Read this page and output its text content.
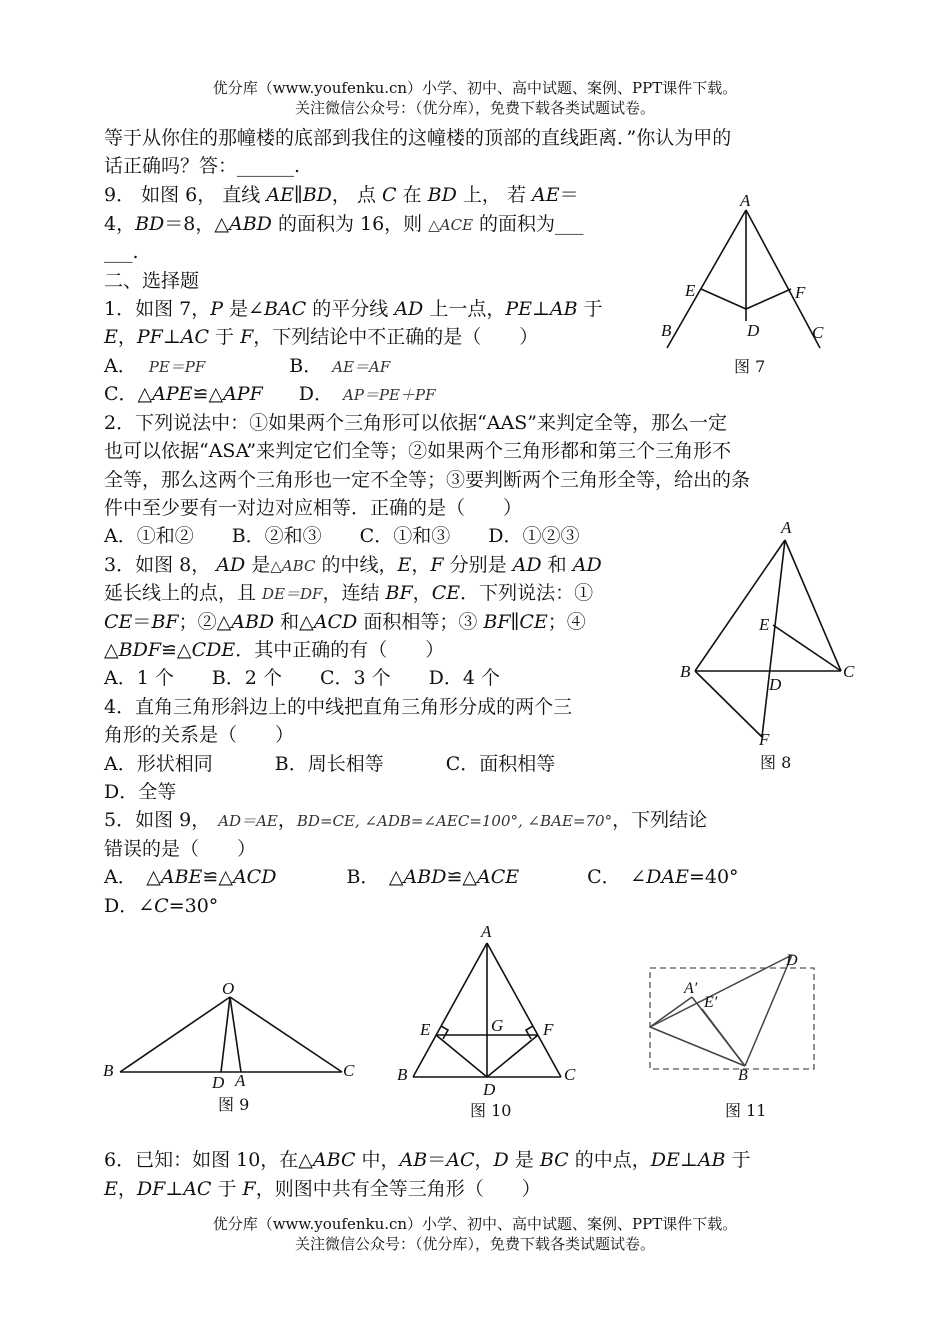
优分库（www.youfenku.cn）小学、初中、高中试题、案例、PPT课件下载。
关注微信公众号：（优分库），免费下载各类试题试卷。
等于从你住的那幢楼的底部到我住的这幢楼的顶部的直线距离．”你认为甲的
话正确吗？答：______.
9． 如图 6， 直线 AE∥BD， 点 C 在 BD 上， 若 AE＝
4，BD＝8，△ABD 的面积为 16，则 △ACE 的面积为___
___.
二、选择题
1．如图 7，P 是∠BAC 的平分线 AD 上一点，PE⊥AB 于
E，PF⊥AC 于 F，下列结论中不正确的是（　　）
A． PE＝PF	B． AE＝AF
C．△APE≌△APF D． AP＝PE＋PF
2．下列说法中：①如果两个三角形可以依据“AAS”来判定全等，那么一定
也可以依据“ASA”来判定它们全等；②如果两个三角形都和第三个三角形不
全等，那么这两个三角形也一定不全等；③要判断两个三角形全等，给出的条
件中至少要有一对边对应相等．正确的是（　　）
A．①和②　　B．②和③　　C．①和③　　D．①②③
3．如图 8， AD 是△ABC 的中线，E，F 分别是 AD 和 AD
延长线上的点，且 DE＝DF，连结 BF，CE．下列说法：①
CE＝BF；②△ABD 和△ACD 面积相等；③ BF∥CE；④
△BDF≌△CDE．其中正确的有（　　）
A．1 个　　B．2 个　　C．3 个　　D．4 个
4．直角三角形斜边上的中线把直角三角形分成的两个三
角形的关系是（　　）
A．形状相同	B．周长相等	C．面积相等
D．全等
5．如图 9， AD＝AE，BD=CE, ∠ADB=∠AEC=100°, ∠BAE=70°，下列结论
错误的是（　　）
A．　△ABE≌△ACD	B．　△ABD≌△ACE	C．　∠DAE=40°
D．∠C=30°
6．已知：如图 10，在△ABC 中，AB＝AC，D 是 BC 的中点，DE⊥AB 于
E，DF⊥AC 于 F，则图中共有全等三角形（　　）
优分库（www.youfenku.cn）小学、初中、高中试题、案例、PPT课件下载。
关注微信公众号：（优分库），免费下载各类试题试卷。
A
E	F
B	D	C
图 7
A
E
B	C
D
F
图 8
O
B	C
D A
图 9
A
E	G F
B	C
D
图 10
D
A′
E′
B
图 11
